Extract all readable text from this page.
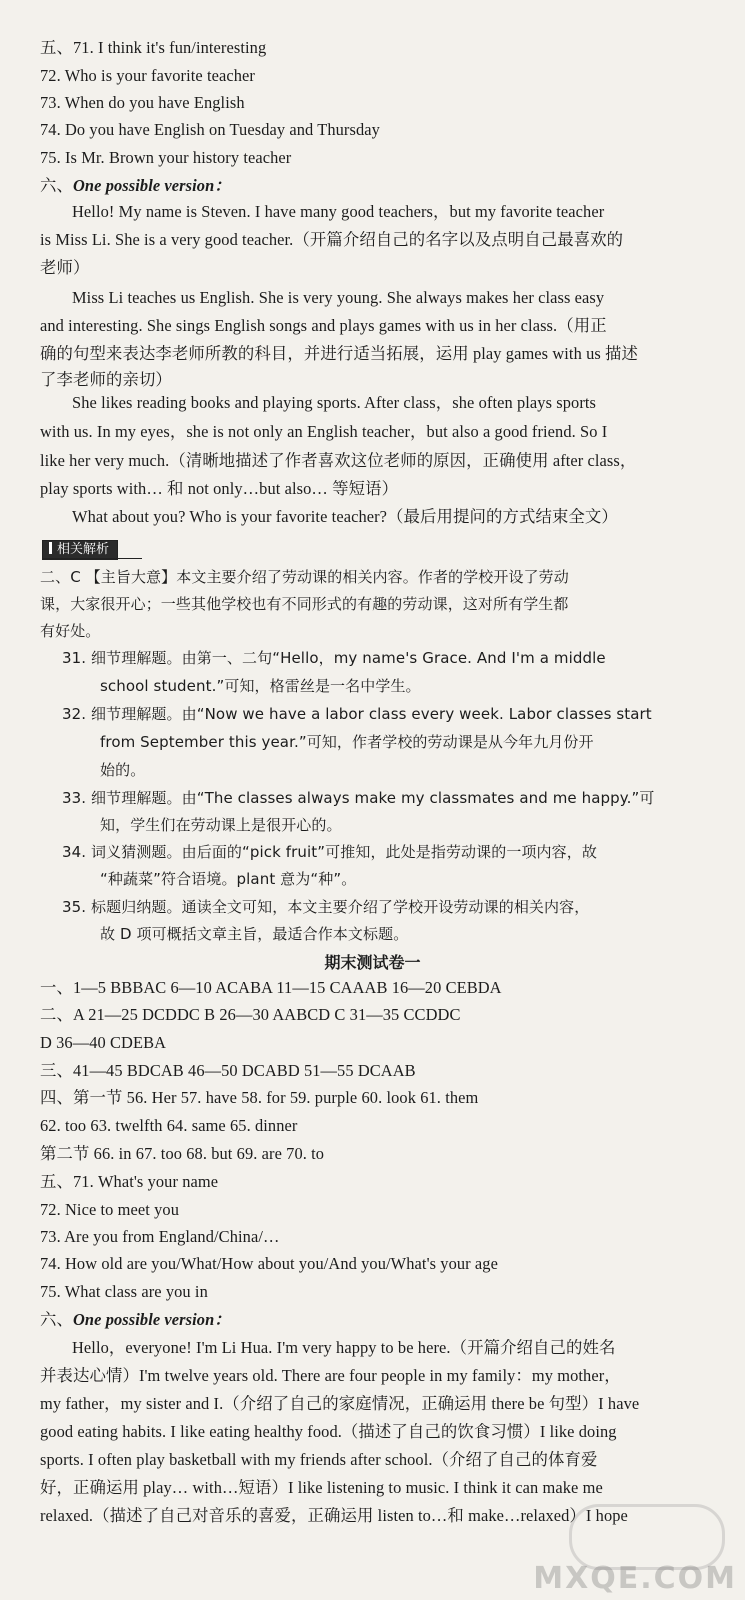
五、71. I think it's fun/interesting
72. Who is your favorite teacher
73. When do you have English
74. Do you have English on Tuesday and Thursday
75. Is Mr. Brown your history teacher
六、One possible version：
Hello! My name is Steven. I have many good teachers，but my favorite teacher
is Miss Li. She is a very good teacher.（开篇介绍自己的名字以及点明自己最喜欢的
老师）
Miss Li teaches us English. She is very young. She always makes her class easy
and interesting. She sings English songs and plays games with us in her class.（用正
确的句型来表达李老师所教的科目，并进行适当拓展，运用 play games with us 描述
了李老师的亲切）
She likes reading books and playing sports. After class，she often plays sports
with us. In my eyes，she is not only an English teacher，but also a good friend. So I
like her very much.（清晰地描述了作者喜欢这位老师的原因，正确使用 after class，
play sports with… 和 not only…but also… 等短语）
What about you? Who is your favorite teacher?（最后用提问的方式结束全文）
相关解析
二、C 【主旨大意】本文主要介绍了劳动课的相关内容。作者的学校开设了劳动
课，大家很开心；一些其他学校也有不同形式的有趣的劳动课，这对所有学生都
有好处。
31. 细节理解题。由第一、二句“Hello，my name's Grace. And I'm a middle
school student.”可知，格雷丝是一名中学生。
32. 细节理解题。由“Now we have a labor class every week. Labor classes start
from September this year.”可知，作者学校的劳动课是从今年九月份开
始的。
33. 细节理解题。由“The classes always make my classmates and me happy.”可
知，学生们在劳动课上是很开心的。
34. 词义猜测题。由后面的“pick fruit”可推知，此处是指劳动课的一项内容，故
“种蔬菜”符合语境。plant 意为“种”。
35. 标题归纳题。通读全文可知，本文主要介绍了学校开设劳动课的相关内容，
故 D 项可概括文章主旨，最适合作本文标题。
期末测试卷一
一、1—5 BBBAC 6—10 ACABA 11—15 CAAAB 16—20 CEBDA
二、A 21—25 DCDDC B 26—30 AABCD C 31—35 CCDDC
D 36—40 CDEBA
三、41—45 BDCAB 46—50 DCABD 51—55 DCAAB
四、第一节 56. Her 57. have 58. for 59. purple 60. look 61. them
62. too 63. twelfth 64. same 65. dinner
第二节 66. in 67. too 68. but 69. are 70. to
五、71. What's your name
72. Nice to meet you
73. Are you from England/China/…
74. How old are you/What/How about you/And you/What's your age
75. What class are you in
六、One possible version：
Hello，everyone! I'm Li Hua. I'm very happy to be here.（开篇介绍自己的姓名
并表达心情）I'm twelve years old. There are four people in my family：my mother，
my father，my sister and I.（介绍了自己的家庭情况，正确运用 there be 句型）I have
good eating habits. I like eating healthy food.（描述了自己的饮食习惯）I like doing
sports. I often play basketball with my friends after school.（介绍了自己的体育爱
好，正确运用 play… with…短语）I like listening to music. I think it can make me
relaxed.（描述了自己对音乐的喜爱，正确运用 listen to…和 make…relaxed）I hope
MXQE.COM
